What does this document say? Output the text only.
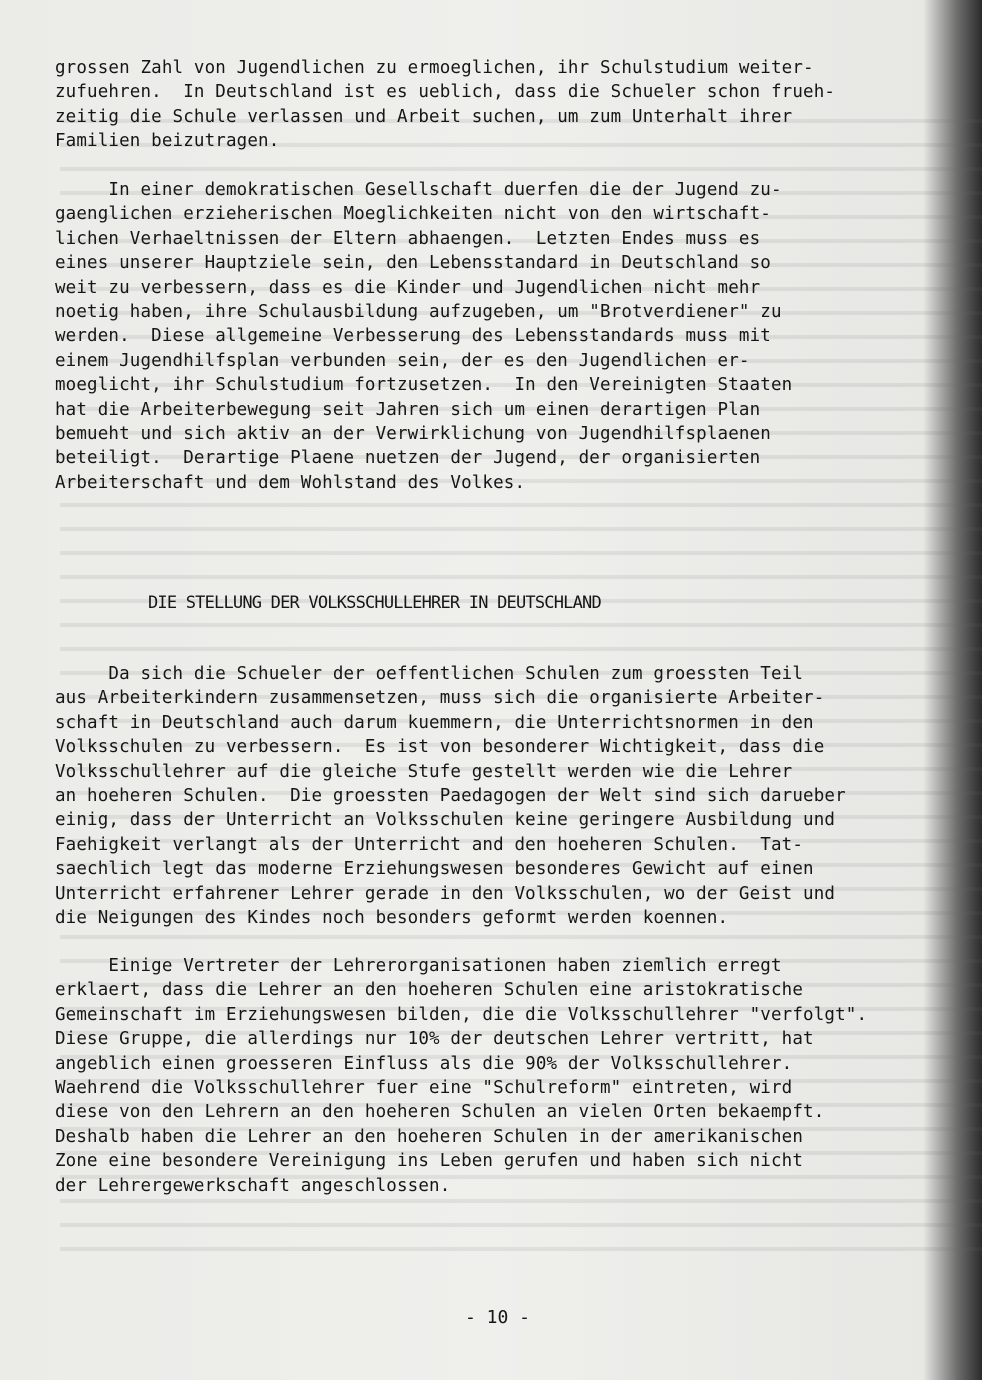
grossen Zahl von Jugendlichen zu ermoeglichen, ihr Schulstudium weiter-
zufuehren.  In Deutschland ist es ueblich, dass die Schueler schon frueh-
zeitig die Schule verlassen und Arbeit suchen, um zum Unterhalt ihrer
Familien beizutragen.
In einer demokratischen Gesellschaft duerfen die der Jugend zu-
gaenglichen erzieherischen Moeglichkeiten nicht von den wirtschaft-
lichen Verhaeltnissen der Eltern abhaengen.  Letzten Endes muss es
eines unserer Hauptziele sein, den Lebensstandard in Deutschland so
weit zu verbessern, dass es die Kinder und Jugendlichen nicht mehr
noetig haben, ihre Schulausbildung aufzugeben, um "Brotverdiener" zu
werden.  Diese allgemeine Verbesserung des Lebensstandards muss mit
einem Jugendhilfsplan verbunden sein, der es den Jugendlichen er-
moeglicht, ihr Schulstudium fortzusetzen.  In den Vereinigten Staaten
hat die Arbeiterbewegung seit Jahren sich um einen derartigen Plan
bemueht und sich aktiv an der Verwirklichung von Jugendhilfsplaenen
beteiligt.  Derartige Plaene nuetzen der Jugend, der organisierten
Arbeiterschaft und dem Wohlstand des Volkes.
DIE STELLUNG DER VOLKSSCHULLEHRER IN DEUTSCHLAND
Da sich die Schueler der oeffentlichen Schulen zum groessten Teil
aus Arbeiterkindern zusammensetzen, muss sich die organisierte Arbeiter-
schaft in Deutschland auch darum kuemmern, die Unterrichtsnormen in den
Volksschulen zu verbessern.  Es ist von besonderer Wichtigkeit, dass die
Volksschullehrer auf die gleiche Stufe gestellt werden wie die Lehrer
an hoeheren Schulen.  Die groessten Paedagogen der Welt sind sich darueber
einig, dass der Unterricht an Volksschulen keine geringere Ausbildung und
Faehigkeit verlangt als der Unterricht and den hoeheren Schulen.  Tat-
saechlich legt das moderne Erziehungswesen besonderes Gewicht auf einen
Unterricht erfahrener Lehrer gerade in den Volksschulen, wo der Geist und
die Neigungen des Kindes noch besonders geformt werden koennen.
Einige Vertreter der Lehrerorganisationen haben ziemlich erregt
erklaert, dass die Lehrer an den hoeheren Schulen eine aristokratische
Gemeinschaft im Erziehungswesen bilden, die die Volksschullehrer "verfolgt".
Diese Gruppe, die allerdings nur 10% der deutschen Lehrer vertritt, hat
angeblich einen groesseren Einfluss als die 90% der Volksschullehrer.
Waehrend die Volksschullehrer fuer eine "Schulreform" eintreten, wird
diese von den Lehrern an den hoeheren Schulen an vielen Orten bekaempft.
Deshalb haben die Lehrer an den hoeheren Schulen in der amerikanischen
Zone eine besondere Vereinigung ins Leben gerufen und haben sich nicht
der Lehrergewerkschaft angeschlossen.
- 10 -
